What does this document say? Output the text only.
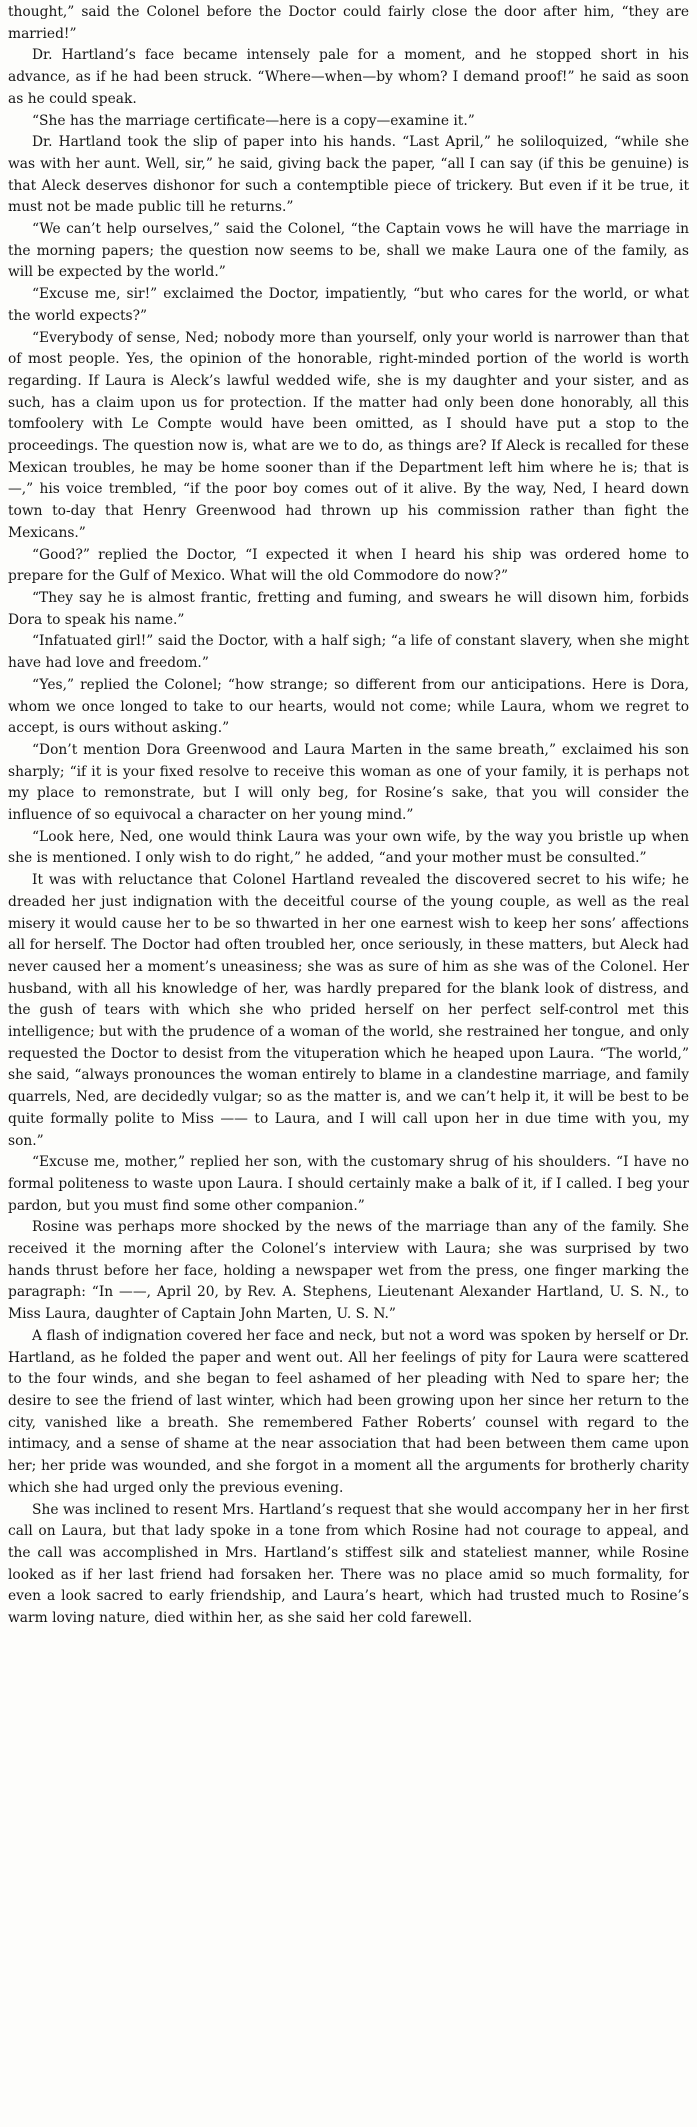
thought,” said the Colonel before the Doctor could fairly close the door after him, “they are married!”

Dr. Hartland’s face became intensely pale for a moment, and he stopped short in his advance, as if he had been struck. “Where—when—by whom? I demand proof!” he said as soon as he could speak.

“She has the marriage certificate—here is a copy—examine it.”

Dr. Hartland took the slip of paper into his hands. “Last April,” he soliloquized, “while she was with her aunt. Well, sir,” he said, giving back the paper, “all I can say (if this be genuine) is that Aleck deserves dishonor for such a contemptible piece of trickery. But even if it be true, it must not be made public till he returns.”

“We can’t help ourselves,” said the Colonel, “the Captain vows he will have the marriage in the morning papers; the question now seems to be, shall we make Laura one of the family, as will be expected by the world.”

“Excuse me, sir!” exclaimed the Doctor, impatiently, “but who cares for the world, or what the world expects?”

“Everybody of sense, Ned; nobody more than yourself, only your world is narrower than that of most people. Yes, the opinion of the honorable, right-minded portion of the world is worth regarding. If Laura is Aleck’s lawful wedded wife, she is my daughter and your sister, and as such, has a claim upon us for protection. If the matter had only been done honorably, all this tomfoolery with Le Compte would have been omitted, as I should have put a stop to the proceedings. The question now is, what are we to do, as things are? If Aleck is recalled for these Mexican troubles, he may be home sooner than if the Department left him where he is; that is—,” his voice trembled, “if the poor boy comes out of it alive. By the way, Ned, I heard down town to-day that Henry Greenwood had thrown up his commission rather than fight the Mexicans.”

“Good?” replied the Doctor, “I expected it when I heard his ship was ordered home to prepare for the Gulf of Mexico. What will the old Commodore do now?”

“They say he is almost frantic, fretting and fuming, and swears he will disown him, forbids Dora to speak his name.”

“Infatuated girl!” said the Doctor, with a half sigh; “a life of constant slavery, when she might have had love and freedom.”

“Yes,” replied the Colonel; “how strange; so different from our anticipations. Here is Dora, whom we once longed to take to our hearts, would not come; while Laura, whom we regret to accept, is ours without asking.”

“Don’t mention Dora Greenwood and Laura Marten in the same breath,” exclaimed his son sharply; “if it is your fixed resolve to receive this woman as one of your family, it is perhaps not my place to remonstrate, but I will only beg, for Rosine’s sake, that you will consider the influence of so equivocal a character on her young mind.”

“Look here, Ned, one would think Laura was your own wife, by the way you bristle up when she is mentioned. I only wish to do right,” he added, “and your mother must be consulted.”

It was with reluctance that Colonel Hartland revealed the discovered secret to his wife; he dreaded her just indignation with the deceitful course of the young couple, as well as the real misery it would cause her to be so thwarted in her one earnest wish to keep her sons’ affections all for herself. The Doctor had often troubled her, once seriously, in these matters, but Aleck had never caused her a moment’s uneasiness; she was as sure of him as she was of the Colonel. Her husband, with all his knowledge of her, was hardly prepared for the blank look of distress, and the gush of tears with which she who prided herself on her perfect self-control met this intelligence; but with the prudence of a woman of the world, she restrained her tongue, and only requested the Doctor to desist from the vituperation which he heaped upon Laura. “The world,” she said, “always pronounces the woman entirely to blame in a clandestine marriage, and family quarrels, Ned, are decidedly vulgar; so as the matter is, and we can’t help it, it will be best to be quite formally polite to Miss —— to Laura, and I will call upon her in due time with you, my son.”

“Excuse me, mother,” replied her son, with the customary shrug of his shoulders. “I have no formal politeness to waste upon Laura. I should certainly make a balk of it, if I called. I beg your pardon, but you must find some other companion.”

Rosine was perhaps more shocked by the news of the marriage than any of the family. She received it the morning after the Colonel’s interview with Laura; she was surprised by two hands thrust before her face, holding a newspaper wet from the press, one finger marking the paragraph: “In ——, April 20, by Rev. A. Stephens, Lieutenant Alexander Hartland, U. S. N., to Miss Laura, daughter of Captain John Marten, U. S. N.”

A flash of indignation covered her face and neck, but not a word was spoken by herself or Dr. Hartland, as he folded the paper and went out. All her feelings of pity for Laura were scattered to the four winds, and she began to feel ashamed of her pleading with Ned to spare her; the desire to see the friend of last winter, which had been growing upon her since her return to the city, vanished like a breath. She remembered Father Roberts’ counsel with regard to the intimacy, and a sense of shame at the near association that had been between them came upon her; her pride was wounded, and she forgot in a moment all the arguments for brotherly charity which she had urged only the previous evening.

She was inclined to resent Mrs. Hartland’s request that she would accompany her in her first call on Laura, but that lady spoke in a tone from which Rosine had not courage to appeal, and the call was accomplished in Mrs. Hartland’s stiffest silk and stateliest manner, while Rosine looked as if her last friend had forsaken her. There was no place amid so much formality, for even a look sacred to early friendship, and Laura’s heart, which had trusted much to Rosine’s warm loving nature, died within her, as she said her cold farewell.
